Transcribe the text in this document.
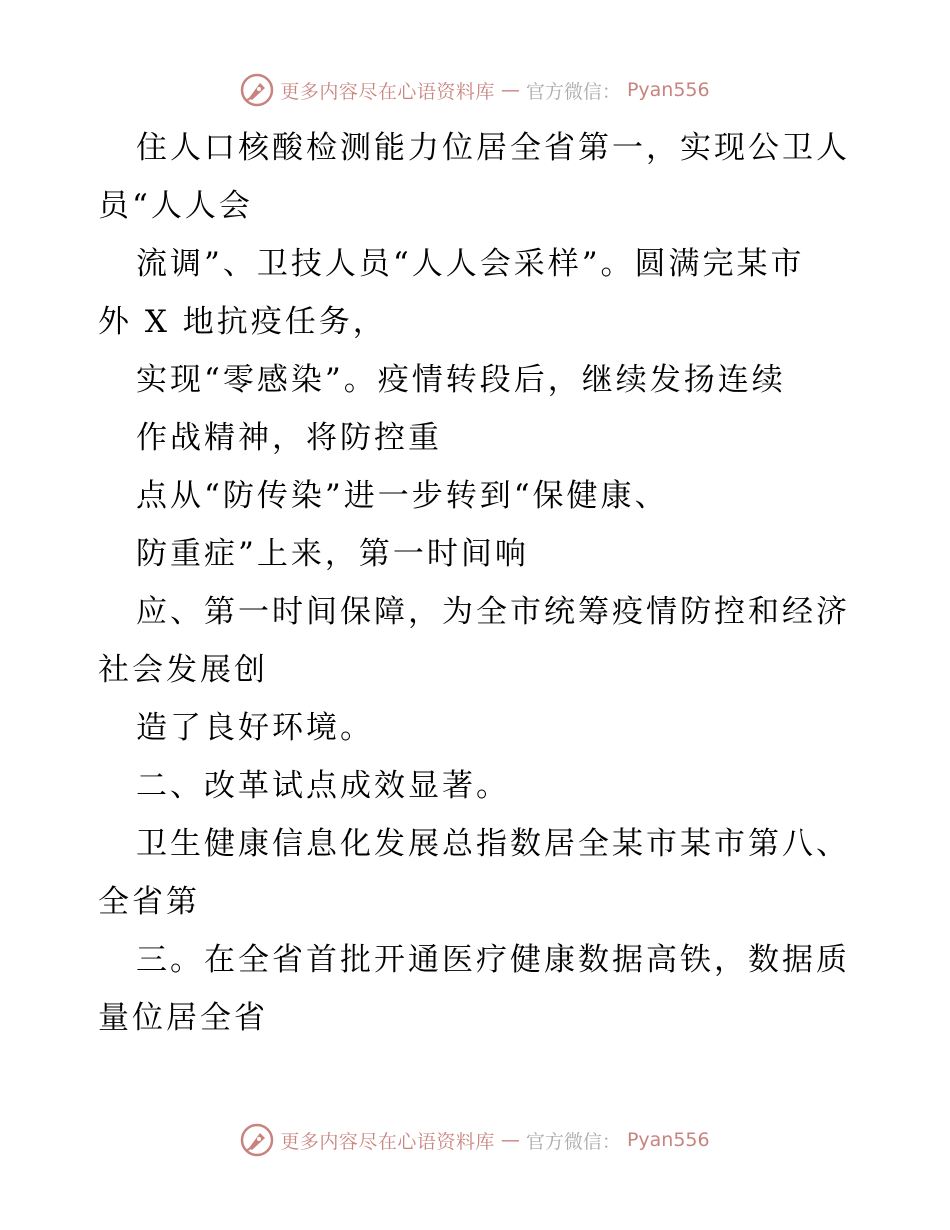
更多内容尽在心语资料库 — 官方微信： Pyan556
住人口核酸检测能力位居全省第一，实现公卫人
员“人人会
流调”、卫技人员“人人会采样”。圆满完某市
外 X 地抗疫任务，
实现“零感染”。疫情转段后，继续发扬连续
作战精神，将防控重
点从“防传染”进一步转到“保健康、
防重症”上来，第一时间响
应、第一时间保障，为全市统筹疫情防控和经济
社会发展创
造了良好环境。
二、改革试点成效显著。
卫生健康信息化发展总指数居全某市某市第八、
全省第
三。在全省首批开通医疗健康数据高铁，数据质
量位居全省
更多内容尽在心语资料库 — 官方微信： Pyan556
